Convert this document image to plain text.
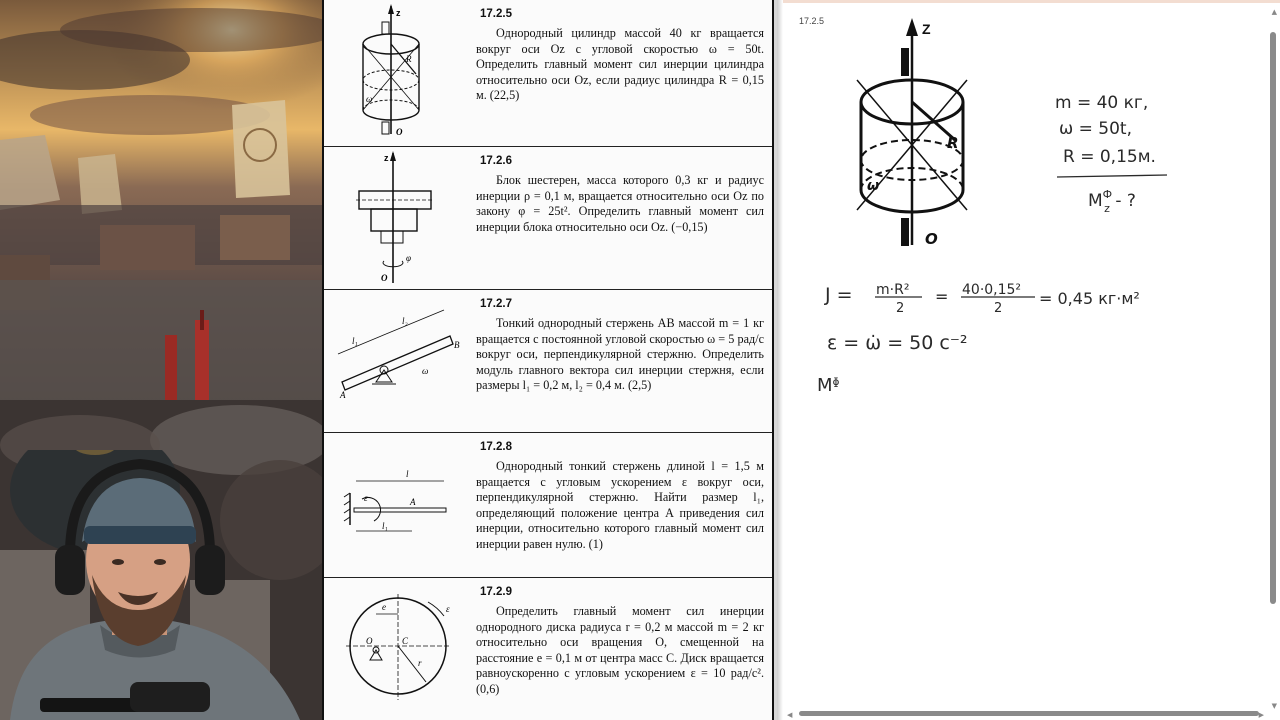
z
R
ω
O
17.2.5
Однородный цилиндр массой 40 кг вращается вокруг оси Oz с угловой скоростью ω = 50t. Определить главный момент сил инерции цилиндра относительно оси Oz, если радиус цилиндра R = 0,15 м. (22,5)
z
φ
O
17.2.6
Блок шестерен, масса которого 0,3 кг и радиус инерции ρ = 0,1 м, вращается относительно оси Oz по закону φ = 25t². Определить главный момент сил инерции блока относительно оси Oz. (−0,15)
l₁
l₂
A
B
ω
17.2.7
Тонкий однородный стержень AB массой m = 1 кг вращается с постоянной угловой скоростью ω = 5 рад/с вокруг оси, перпендикулярной стержню. Определить модуль главного вектора сил инерции стержня, если размеры l₁ = 0,2 м, l₂ = 0,4 м. (2,5)
l
ε	A
l₁
17.2.8
Однородный тонкий стержень длиной l = 1,5 м вращается с угловым ускорением ε вокруг оси, перпендикулярной стержню. Найти размер l₁, определяющий положение центра A приведения сил инерции, относительно которого главный момент сил инерции равен нулю. (1)
e	ε
O	C
r
17.2.9
Определить главный момент сил инерции однородного диска радиуса r = 0,2 м массой m = 2 кг относительно оси вращения O, смещенной на расстояние e = 0,1 м от центра масс C. Диск вращается равноускоренно с угловым ускорением ε = 10 рад/с². (0,6)
17.2.5	Z
R
ω
O
m = 40 кг,
ω = 50t,
R = 0,15м.
$M^Ф$ z - ?
J = m·R²
2
= 40·0,15²
2
= 0,45 кг·м²
ε = ω̇ = 50 с⁻²
Mᶲ
▲
▼
◀	▶
